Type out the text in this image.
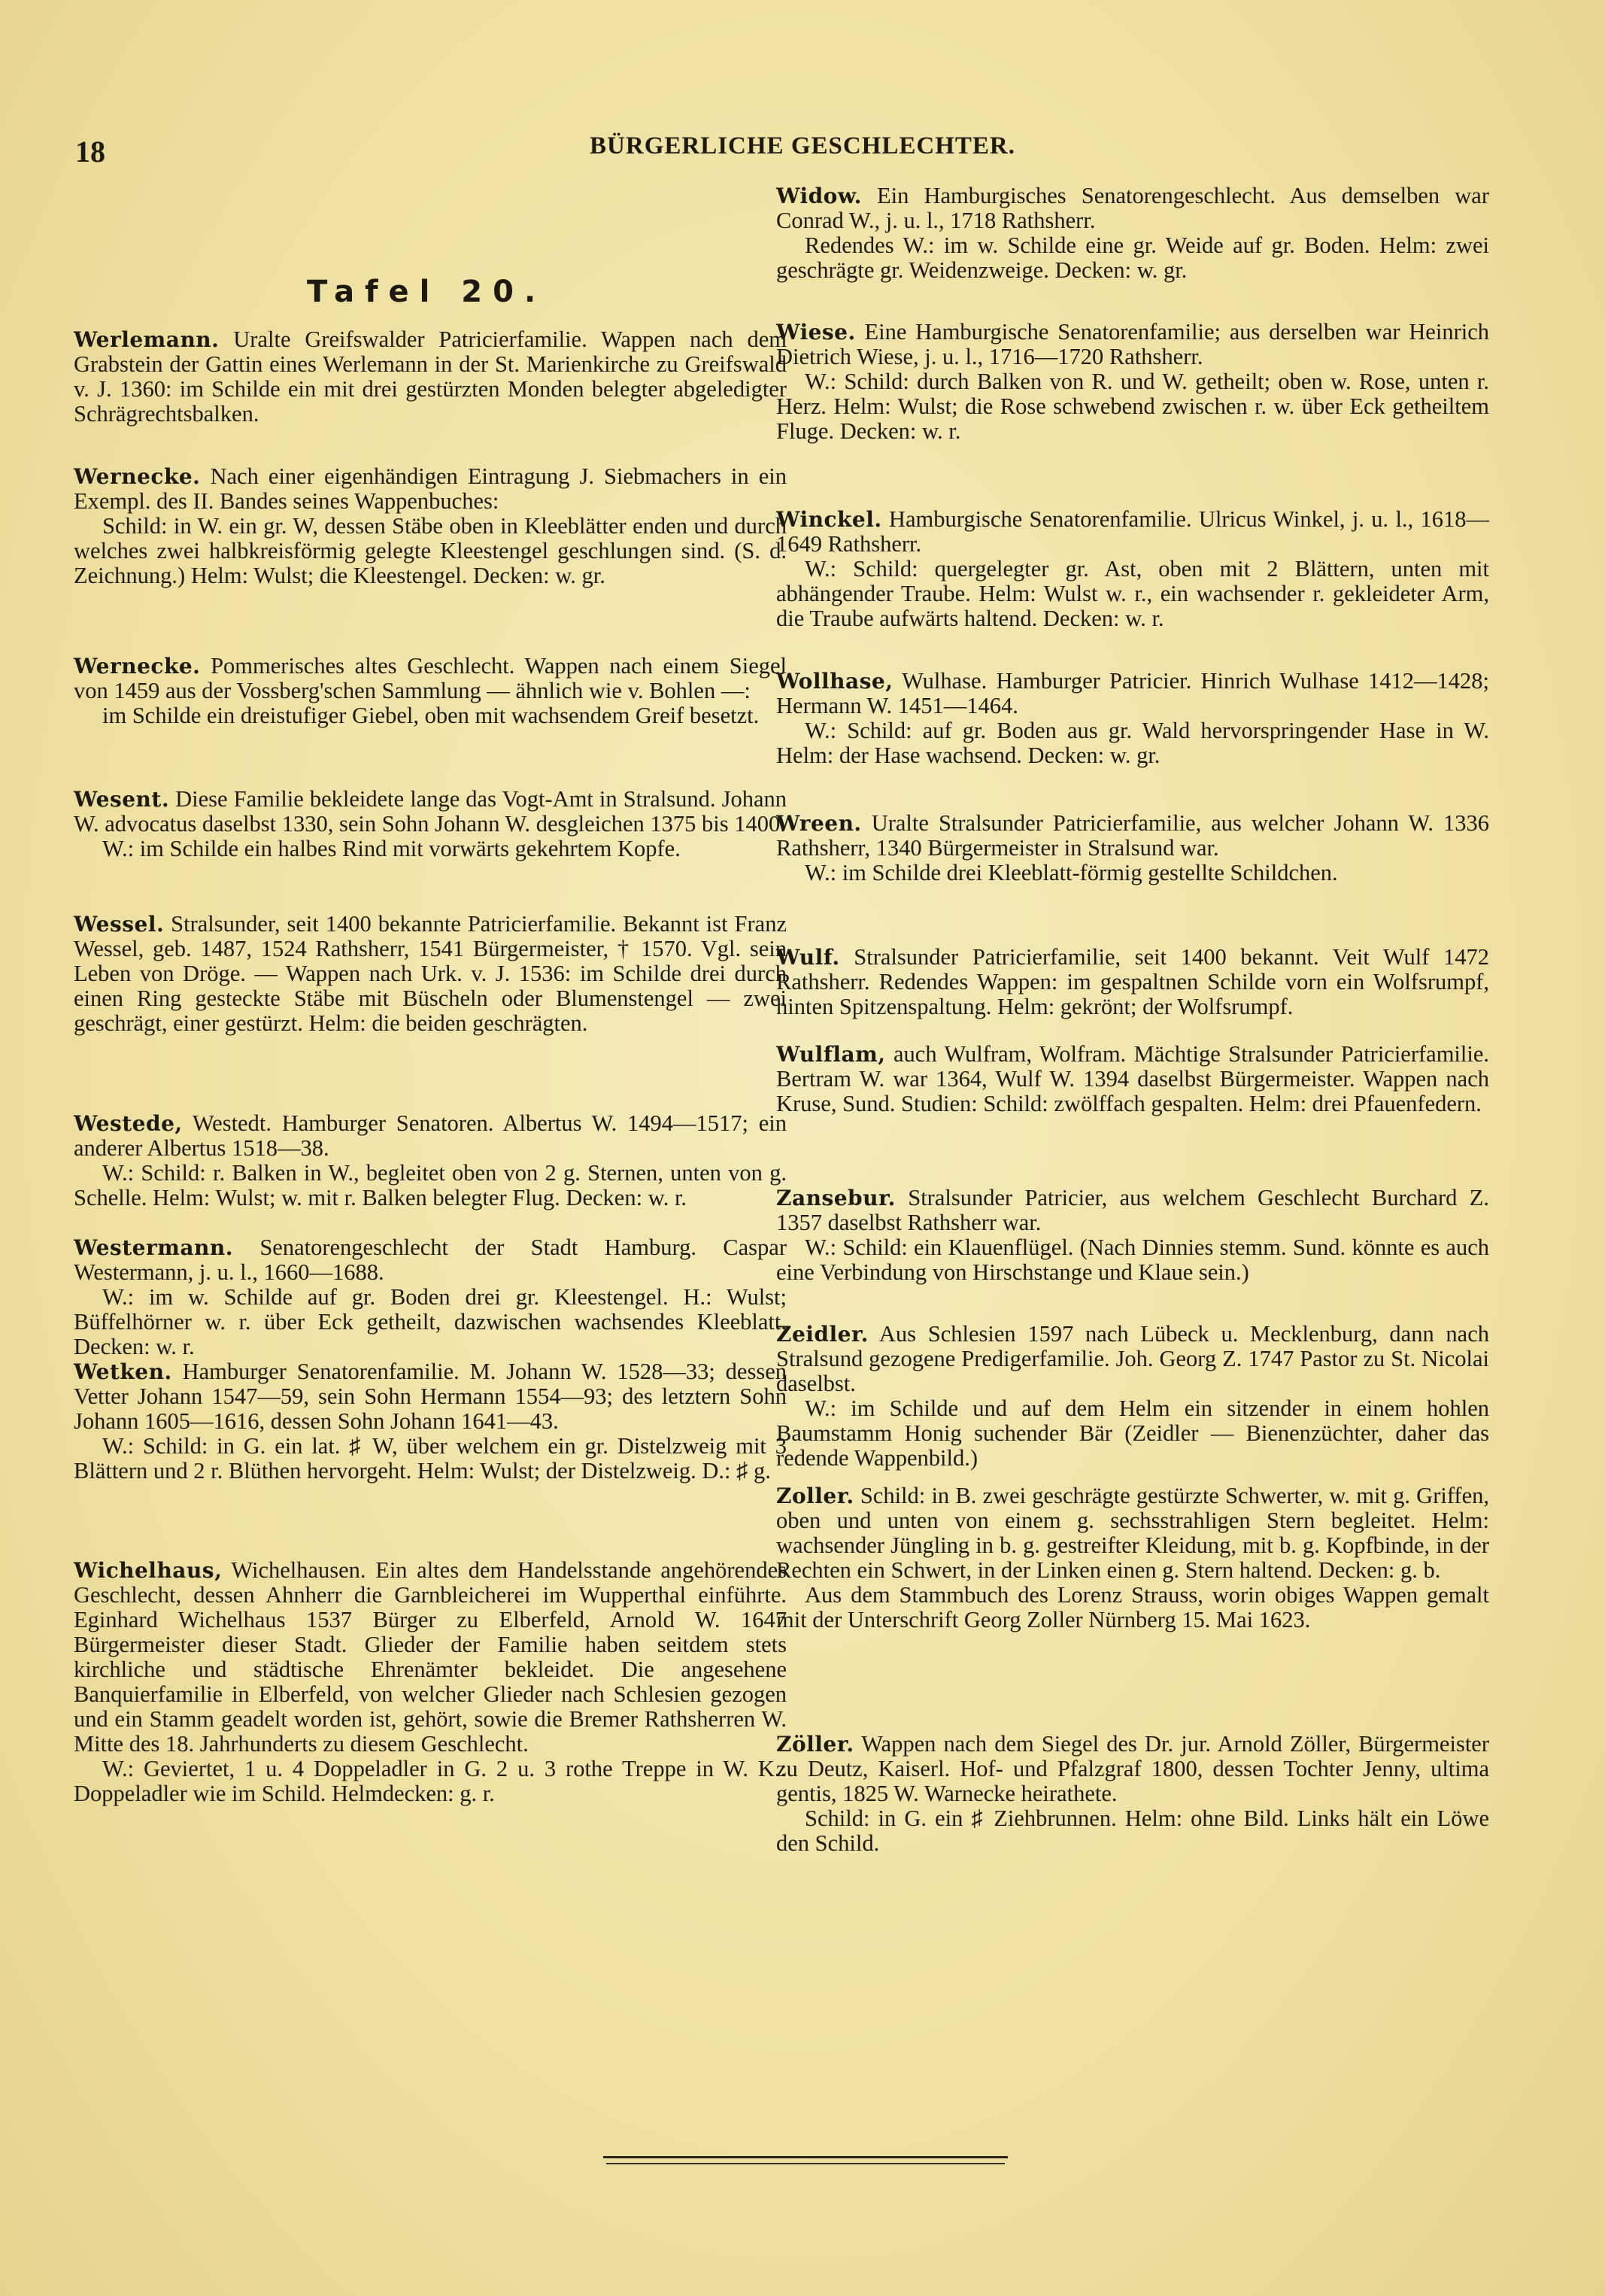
18	BÜRGERLICHE GESCHLECHTER.
Werlemann. Uralte Greifswalder Patricierfamilie. Wappen nach dem Grabstein der Gattin eines Werlemann in der St. Marienkirche zu Greifswald v. J. 1360: im Schilde ein mit drei gestürzten Monden belegter abgeledigter Schrägrechtsbalken.
Wernecke. Nach einer eigenhändigen Eintragung J. Siebmachers in ein Exempl. des II. Bandes seines Wappenbuches:
Schild: in W. ein gr. W, dessen Stäbe oben in Kleeblätter enden und durch welches zwei halbkreisförmig gelegte Kleestengel geschlungen sind. (S. d. Zeichnung.) Helm: Wulst; die Kleestengel. Decken: w. gr.
Wernecke. Pommerisches altes Geschlecht. Wappen nach einem Siegel von 1459 aus der Vossberg'schen Sammlung — ähnlich wie v. Bohlen —:
im Schilde ein dreistufiger Giebel, oben mit wachsendem Greif besetzt.
Wesent. Diese Familie bekleidete lange das Vogt-Amt in Stralsund. Johann W. advocatus daselbst 1330, sein Sohn Johann W. desgleichen 1375 bis 1400.
W.: im Schilde ein halbes Rind mit vorwärts gekehrtem Kopfe.
Wessel. Stralsunder, seit 1400 bekannte Patricierfamilie. Bekannt ist Franz Wessel, geb. 1487, 1524 Rathsherr, 1541 Bürgermeister, † 1570. Vgl. sein Leben von Dröge. — Wappen nach Urk. v. J. 1536: im Schilde drei durch einen Ring gesteckte Stäbe mit Büscheln oder Blumenstengel — zwei geschrägt, einer gestürzt. Helm: die beiden geschrägten.
Westede, Westedt. Hamburger Senatoren. Albertus W. 1494—1517; ein anderer Albertus 1518—38.
W.: Schild: r. Balken in W., begleitet oben von 2 g. Sternen, unten von g. Schelle. Helm: Wulst; w. mit r. Balken belegter Flug. Decken: w. r.
Westermann. Senatorengeschlecht der Stadt Hamburg. Caspar Westermann, j. u. l., 1660—1688.
W.: im w. Schilde auf gr. Boden drei gr. Kleestengel. H.: Wulst; Büffelhörner w. r. über Eck getheilt, dazwischen wachsendes Kleeblatt. Decken: w. r.
Wetken. Hamburger Senatorenfamilie. M. Johann W. 1528—33; dessen Vetter Johann 1547—59, sein Sohn Hermann 1554—93; des letztern Sohn Johann 1605—1616, dessen Sohn Johann 1641—43.
W.: Schild: in G. ein lat. ♯ W, über welchem ein gr. Distelzweig mit 3 Blättern und 2 r. Blüthen hervorgeht. Helm: Wulst; der Distelzweig. D.: ♯ g.
Wichelhaus, Wichelhausen. Ein altes dem Handelsstande angehörendes Geschlecht, dessen Ahnherr die Garnbleicherei im Wupperthal einführte. Eginhard Wichelhaus 1537 Bürger zu Elberfeld, Arnold W. 1647 Bürgermeister dieser Stadt. Glieder der Familie haben seitdem stets kirchliche und städtische Ehrenämter bekleidet. Die angesehene Banquierfamilie in Elberfeld, von welcher Glieder nach Schlesien gezogen und ein Stamm geadelt worden ist, gehört, sowie die Bremer Rathsherren W. Mitte des 18. Jahrhunderts zu diesem Geschlecht.
W.: Geviertet, 1 u. 4 Doppeladler in G. 2 u. 3 rothe Treppe in W. K.: Doppeladler wie im Schild. Helmdecken: g. r.
Tafel 20.
Widow. Ein Hamburgisches Senatorengeschlecht. Aus demselben war Conrad W., j. u. l., 1718 Rathsherr.
Redendes W.: im w. Schilde eine gr. Weide auf gr. Boden. Helm: zwei geschrägte gr. Weidenzweige. Decken: w. gr.
Wiese. Eine Hamburgische Senatorenfamilie; aus derselben war Heinrich Dietrich Wiese, j. u. l., 1716—1720 Rathsherr.
W.: Schild: durch Balken von R. und W. getheilt; oben w. Rose, unten r. Herz. Helm: Wulst; die Rose schwebend zwischen r. w. über Eck getheiltem Fluge. Decken: w. r.
Winckel. Hamburgische Senatorenfamilie. Ulricus Winkel, j. u. l., 1618—1649 Rathsherr.
W.: Schild: quergelegter gr. Ast, oben mit 2 Blättern, unten mit abhängender Traube. Helm: Wulst w. r., ein wachsender r. gekleideter Arm, die Traube aufwärts haltend. Decken: w. r.
Wollhase, Wulhase. Hamburger Patricier. Hinrich Wulhase 1412—1428; Hermann W. 1451—1464.
W.: Schild: auf gr. Boden aus gr. Wald hervorspringender Hase in W. Helm: der Hase wachsend. Decken: w. gr.
Wreen. Uralte Stralsunder Patricierfamilie, aus welcher Johann W. 1336 Rathsherr, 1340 Bürgermeister in Stralsund war.
W.: im Schilde drei Kleeblatt-förmig gestellte Schildchen.
Wulf. Stralsunder Patricierfamilie, seit 1400 bekannt. Veit Wulf 1472 Rathsherr. Redendes Wappen: im gespaltnen Schilde vorn ein Wolfsrumpf, hinten Spitzenspaltung. Helm: gekrönt; der Wolfsrumpf.
Wulflam, auch Wulfram, Wolfram. Mächtige Stralsunder Patricierfamilie. Bertram W. war 1364, Wulf W. 1394 daselbst Bürgermeister. Wappen nach Kruse, Sund. Studien: Schild: zwölffach gespalten. Helm: drei Pfauenfedern.
Zansebur. Stralsunder Patricier, aus welchem Geschlecht Burchard Z. 1357 daselbst Rathsherr war.
W.: Schild: ein Klauenflügel. (Nach Dinnies stemm. Sund. könnte es auch eine Verbindung von Hirschstange und Klaue sein.)
Zeidler. Aus Schlesien 1597 nach Lübeck u. Mecklenburg, dann nach Stralsund gezogene Predigerfamilie. Joh. Georg Z. 1747 Pastor zu St. Nicolai daselbst.
W.: im Schilde und auf dem Helm ein sitzender in einem hohlen Baumstamm Honig suchender Bär (Zeidler — Bienenzüchter, daher das redende Wappenbild.)
Zoller. Schild: in B. zwei geschrägte gestürzte Schwerter, w. mit g. Griffen, oben und unten von einem g. sechsstrahligen Stern begleitet. Helm: wachsender Jüngling in b. g. gestreifter Kleidung, mit b. g. Kopfbinde, in der Rechten ein Schwert, in der Linken einen g. Stern haltend. Decken: g. b.
Aus dem Stammbuch des Lorenz Strauss, worin obiges Wappen gemalt mit der Unterschrift Georg Zoller Nürnberg 15. Mai 1623.
Zöller. Wappen nach dem Siegel des Dr. jur. Arnold Zöller, Bürgermeister zu Deutz, Kaiserl. Hof- und Pfalzgraf 1800, dessen Tochter Jenny, ultima gentis, 1825 W. Warnecke heirathete.
Schild: in G. ein ♯ Ziehbrunnen. Helm: ohne Bild. Links hält ein Löwe den Schild.
